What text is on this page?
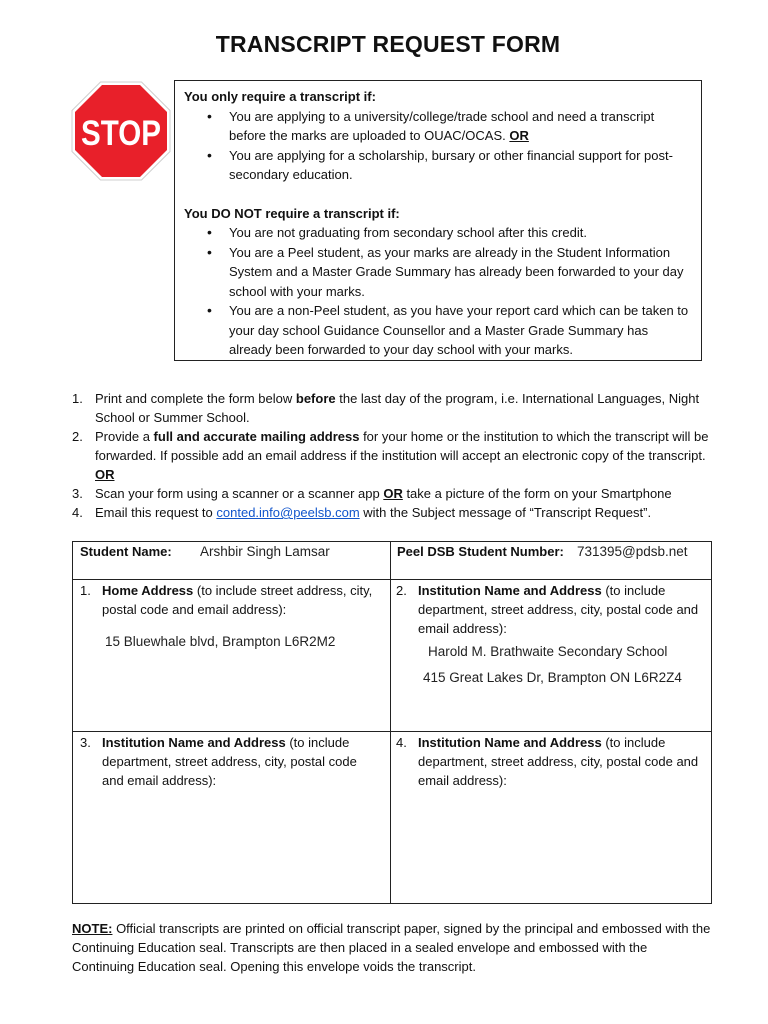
TRANSCRIPT REQUEST FORM
STOP
You only require a transcript if:
• You are applying to a university/college/trade school and need a transcript before the marks are uploaded to OUAC/OCAS. OR
• You are applying for a scholarship, bursary or other financial support for post-secondary education.
You DO NOT require a transcript if:
• You are not graduating from secondary school after this credit.
• You are a Peel student, as your marks are already in the Student Information System and a Master Grade Summary has already been forwarded to your day school with your marks.
• You are a non-Peel student, as you have your report card which can be taken to your day school Guidance Counsellor and a Master Grade Summary has already been forwarded to your day school with your marks.
1. Print and complete the form below before the last day of the program, i.e. International Languages, Night School or Summer School.
2. Provide a full and accurate mailing address for your home or the institution to which the transcript will be forwarded. If possible add an email address if the institution will accept an electronic copy of the transcript. OR
3. Scan your form using a scanner or a scanner app OR take a picture of the form on your Smartphone
4. Email this request to conted.info@peelsb.com with the Subject message of “Transcript Request”.
Student Name: Arshbir Singh Lamsar	Peel DSB Student Number: 731395@pdsb.net
1. Home Address (to include street address, city, postal code and email address):
15 Bluewhale blvd, Brampton L6R2M2
2. Institution Name and Address (to include department, street address, city, postal code and email address):
Harold M. Brathwaite Secondary School
415 Great Lakes Dr, Brampton ON L6R2Z4
3. Institution Name and Address (to include department, street address, city, postal code and email address):
4. Institution Name and Address (to include department, street address, city, postal code and email address):
NOTE: Official transcripts are printed on official transcript paper, signed by the principal and embossed with the Continuing Education seal. Transcripts are then placed in a sealed envelope and embossed with the Continuing Education seal. Opening this envelope voids the transcript.
